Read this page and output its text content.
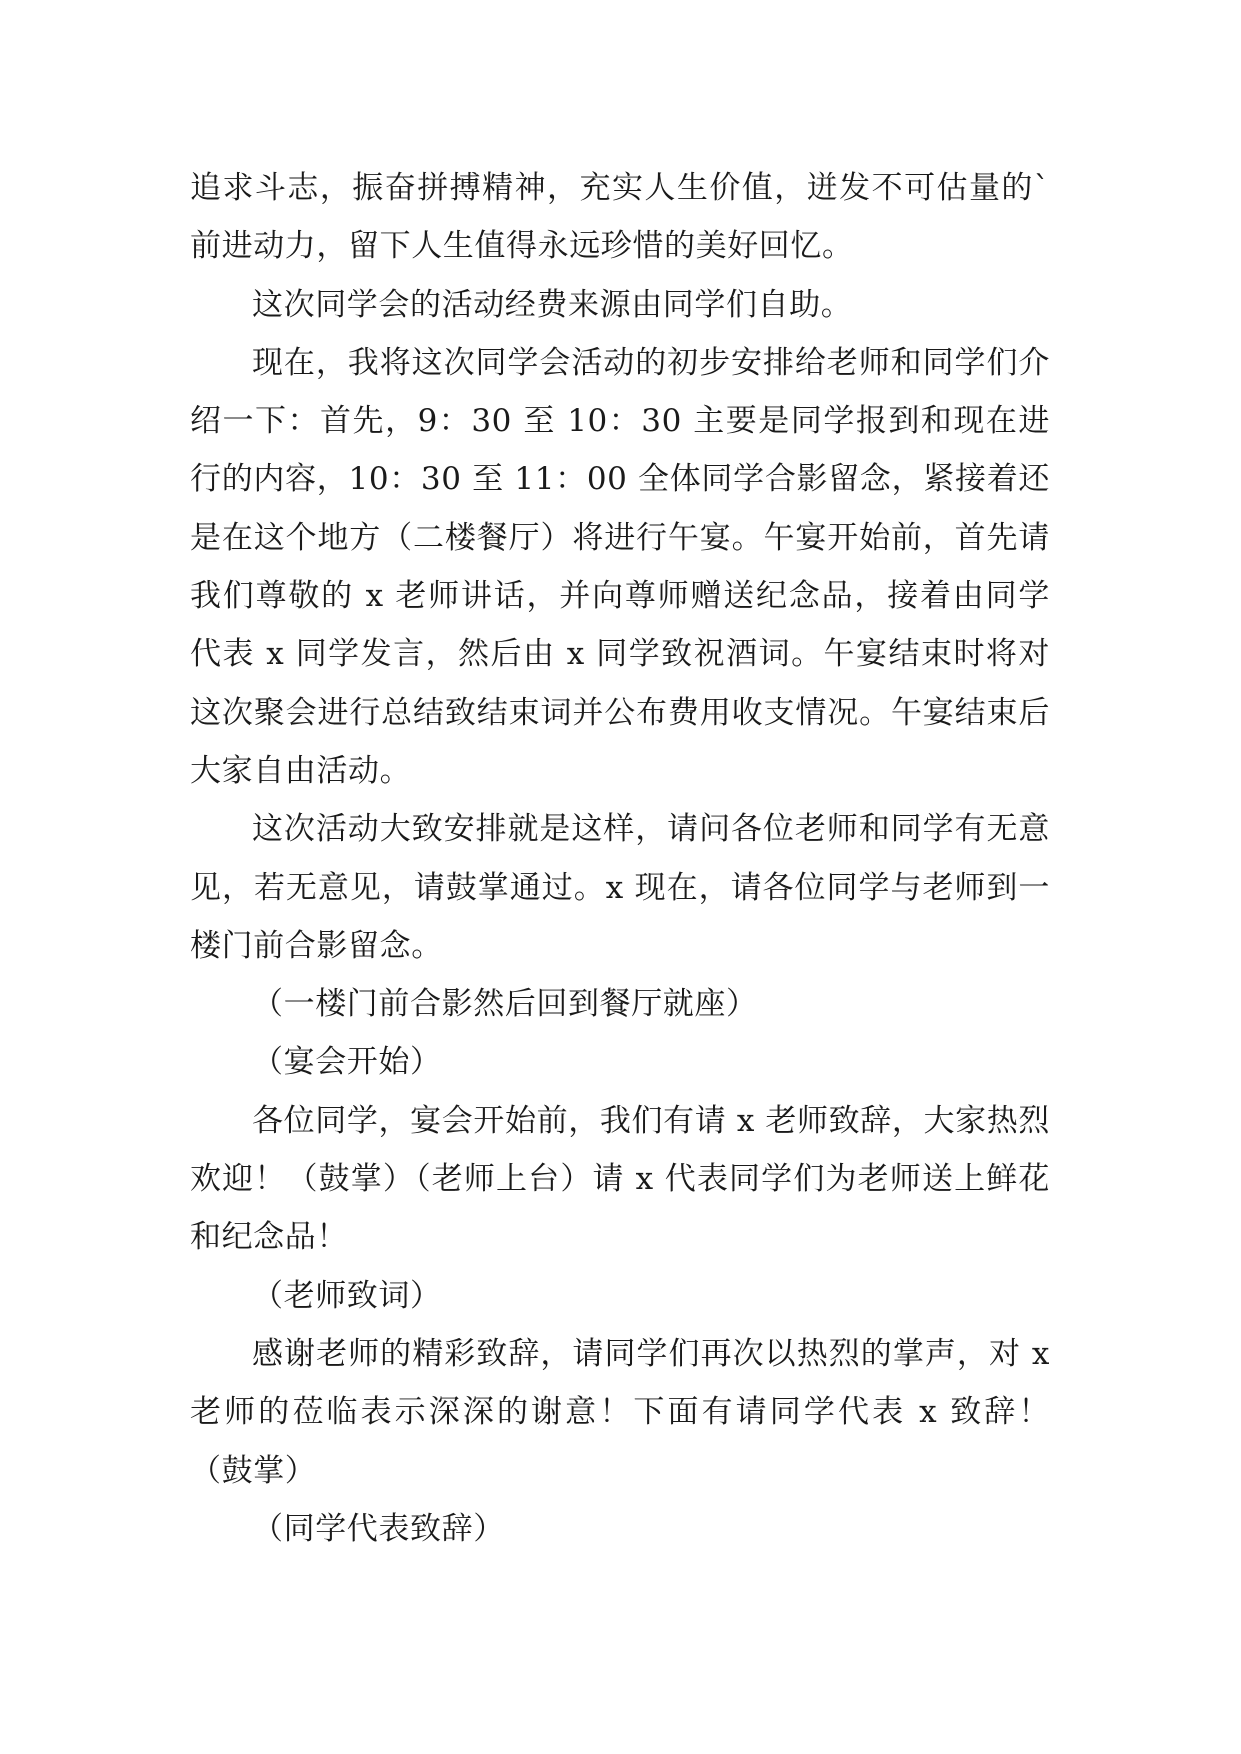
追求斗志，振奋拼搏精神，充实人生价值，迸发不可估量的`前进动力，留下人生值得永远珍惜的美好回忆。

这次同学会的活动经费来源由同学们自助。

现在，我将这次同学会活动的初步安排给老师和同学们介绍一下：首先，9：30 至 10：30 主要是同学报到和现在进行的内容，10：30 至 11：00 全体同学合影留念，紧接着还是在这个地方（二楼餐厅）将进行午宴。午宴开始前，首先请我们尊敬的 x 老师讲话，并向尊师赠送纪念品，接着由同学代表 x 同学发言，然后由 x 同学致祝酒词。午宴结束时将对这次聚会进行总结致结束词并公布费用收支情况。午宴结束后大家自由活动。

这次活动大致安排就是这样，请问各位老师和同学有无意见，若无意见，请鼓掌通过。x 现在，请各位同学与老师到一楼门前合影留念。

（一楼门前合影然后回到餐厅就座）

（宴会开始）

各位同学，宴会开始前，我们有请 x 老师致辞，大家热烈欢迎！（鼓掌）（老师上台）请 x 代表同学们为老师送上鲜花和纪念品！

（老师致词）

感谢老师的精彩致辞，请同学们再次以热烈的掌声，对 x 老师的莅临表示深深的谢意！下面有请同学代表 x 致辞！（鼓掌）

（同学代表致辞）
